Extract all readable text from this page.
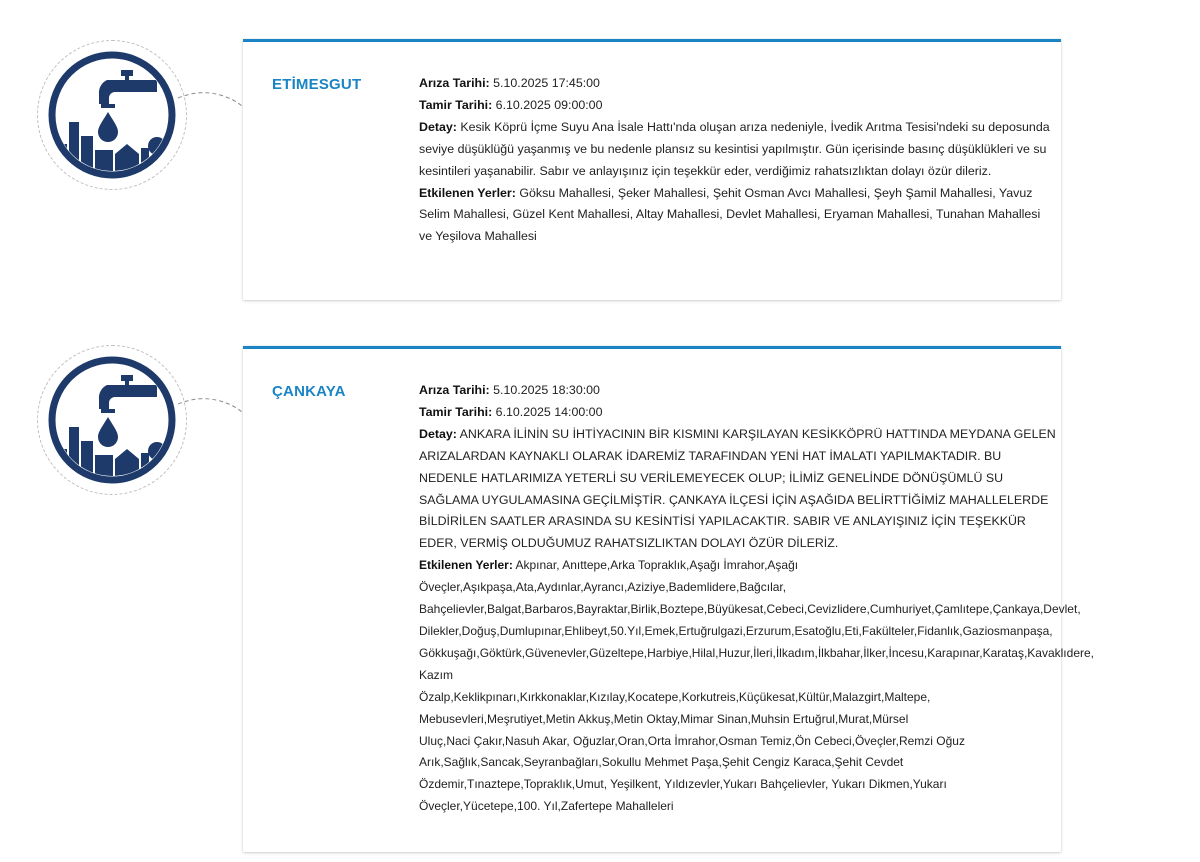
ETİMESGUT	Arıza Tarihi: 5.10.2025 17:45:00
Tamir Tarihi: 6.10.2025 09:00:00
Detay: Kesik Köprü İçme Suyu Ana İsale Hattı'nda oluşan arıza nedeniyle, İvedik Arıtma Tesisi'ndeki su deposunda seviye düşüklüğü yaşanmış ve bu nedenle plansız su kesintisi yapılmıştır. Gün içerisinde basınç düşüklükleri ve su kesintileri yaşanabilir. Sabır ve anlayışınız için teşekkür eder, verdiğimiz rahatsızlıktan dolayı özür dileriz.
Etkilenen Yerler: Göksu Mahallesi, Şeker Mahallesi, Şehit Osman Avcı Mahallesi, Şeyh Şamil Mahallesi, Yavuz Selim Mahallesi, Güzel Kent Mahallesi, Altay Mahallesi, Devlet Mahallesi, Eryaman Mahallesi, Tunahan Mahallesi ve Yeşilova Mahallesi
ÇANKAYA	Arıza Tarihi: 5.10.2025 18:30:00
Tamir Tarihi: 6.10.2025 14:00:00
Detay: ANKARA İLİNİN SU İHTİYACININ BİR KISMINI KARŞILAYAN KESİKKÖPRÜ HATTINDA MEYDANA GELEN ARIZALARDAN KAYNAKLI OLARAK İDAREMİZ TARAFINDAN YENİ HAT İMALATI YAPILMAKTADIR. BU NEDENLE HATLARIMIZA YETERLİ SU VERİLEMEYECEK OLUP; İLİMİZ GENELİNDE DÖNÜŞÜMLÜ SU SAĞLAMA UYGULAMASINA GEÇİLMİŞTİR. ÇANKAYA İLÇESİ İÇİN AŞAĞIDA BELİRTTİĞİMİZ MAHALLELERDE BİLDİRİLEN SAATLER ARASINDA SU KESİNTİSİ YAPILACAKTIR. SABIR VE ANLAYIŞINIZ İÇİN TEŞEKKÜR EDER, VERMİŞ OLDUĞUMUZ RAHATSIZLIKTAN DOLAYI ÖZÜR DİLERİZ.
Etkilenen Yerler: Akpınar, Anıttepe,Arka Topraklık,Aşağı İmrahor,Aşağı
Öveçler,Aşıkpaşa,Ata,Aydınlar,Ayrancı,Aziziye,Bademlidere,Bağcılar,
Bahçelievler,Balgat,Barbaros,Bayraktar,Birlik,Boztepe,Büyükesat,Cebeci,Cevizlidere,Cumhuriyet,Çamlıtepe,Çankaya,Devlet,
Dilekler,Doğuş,Dumlupınar,Ehlibeyt,50.Yıl,Emek,Ertuğrulgazi,Erzurum,Esatoğlu,Eti,Fakülteler,Fidanlık,Gaziosmanpaşa,
Gökkuşağı,Göktürk,Güvenevler,Güzeltepe,Harbiye,Hilal,Huzur,İleri,İlkadım,İlkbahar,İlker,İncesu,Karapınar,Karataş,Kavaklıdere,
Kazım
Özalp,Keklikpınarı,Kırkkonaklar,Kızılay,Kocatepe,Korkutreis,Küçükesat,Kültür,Malazgirt,Maltepe,
Mebusevleri,Meşrutiyet,Metin Akkuş,Metin Oktay,Mimar Sinan,Muhsin Ertuğrul,Murat,Mürsel
Uluç,Naci Çakır,Nasuh Akar, Oğuzlar,Oran,Orta İmrahor,Osman Temiz,Ön Cebeci,Öveçler,Remzi Oğuz
Arık,Sağlık,Sancak,Seyranbağları,Sokullu Mehmet Paşa,Şehit Cengiz Karaca,Şehit Cevdet
Özdemir,Tınaztepe,Topraklık,Umut, Yeşilkent, Yıldızevler,Yukarı Bahçelievler, Yukarı Dikmen,Yukarı
Öveçler,Yücetepe,100. Yıl,Zafertepe Mahalleleri
